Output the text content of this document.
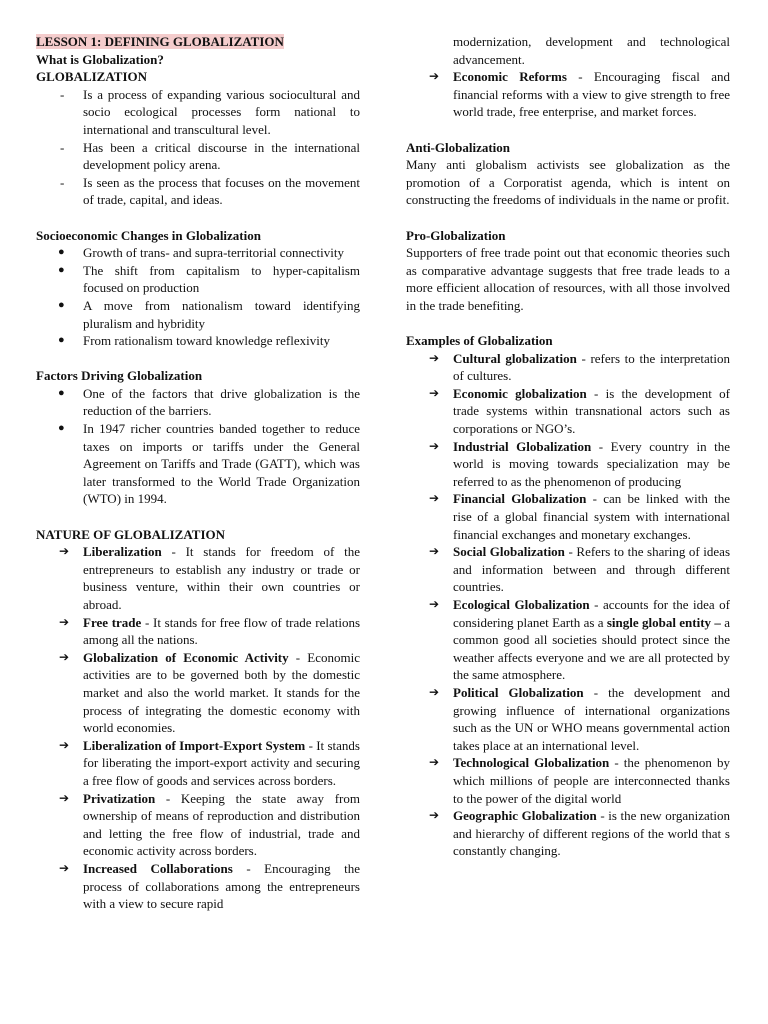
LESSON 1: DEFINING GLOBALIZATION

What is Globalization?

GLOBALIZATION

- Is a process of expanding various sociocultural and socio ecological processes form national to international and transcultural level.
- Has been a critical discourse in the international development policy arena.
- Is seen as the process that focuses on the movement of trade, capital, and ideas.

Socioeconomic Changes in Globalization

● Growth of trans- and supra-territorial connectivity
● The shift from capitalism to hyper-capitalism focused on production
● A move from nationalism toward identifying pluralism and hybridity
● From rationalism toward knowledge reflexivity

Factors Driving Globalization

● One of the factors that drive globalization is the reduction of the barriers.
● In 1947 richer countries banded together to reduce taxes on imports or tariffs under the General Agreement on Tariffs and Trade (GATT), which was later transformed to the World Trade Organization (WTO) in 1994.

NATURE OF GLOBALIZATION

➔ Liberalization - It stands for freedom of the entrepreneurs to establish any industry or trade or business venture, within their own countries or abroad.
➔ Free trade - It stands for free flow of trade relations among all the nations.
➔ Globalization of Economic Activity - Economic activities are to be governed both by the domestic market and also the world market. It stands for the process of integrating the domestic economy with world economies.
➔ Liberalization of Import-Export System - It stands for liberating the import-export activity and securing a free flow of goods and services across borders.
➔ Privatization - Keeping the state away from ownership of means of reproduction and distribution and letting the free flow of industrial, trade and economic activity across borders.
➔ Increased Collaborations - Encouraging the process of collaborations among the entrepreneurs with a view to secure rapid
modernization, development and technological advancement.
➔ Economic Reforms - Encouraging fiscal and financial reforms with a view to give strength to free world trade, free enterprise, and market forces.

Anti-Globalization

Many anti globalism activists see globalization as the promotion of a Corporatist agenda, which is intent on constructing the freedoms of individuals in the name or profit.

Pro-Globalization

Supporters of free trade point out that economic theories such as comparative advantage suggests that free trade leads to a more efficient allocation of resources, with all those involved in the trade benefiting.

Examples of Globalization

➔ Cultural globalization - refers to the interpretation of cultures.
➔ Economic globalization - is the development of trade systems within transnational actors such as corporations or NGO’s.
➔ Industrial Globalization - Every country in the world is moving towards specialization may be referred to as the phenomenon of producing
➔ Financial Globalization - can be linked with the rise of a global financial system with international financial exchanges and monetary exchanges.
➔ Social Globalization - Refers to the sharing of ideas and information between and through different countries.
➔ Ecological Globalization - accounts for the idea of considering planet Earth as a single global entity – a common good all societies should protect since the weather affects everyone and we are all protected by the same atmosphere.
➔ Political Globalization - the development and growing influence of international organizations such as the UN or WHO means governmental action takes place at an international level.
➔ Technological Globalization - the phenomenon by which millions of people are interconnected thanks to the power of the digital world
➔ Geographic Globalization - is the new organization and hierarchy of different regions of the world that s constantly changing.
